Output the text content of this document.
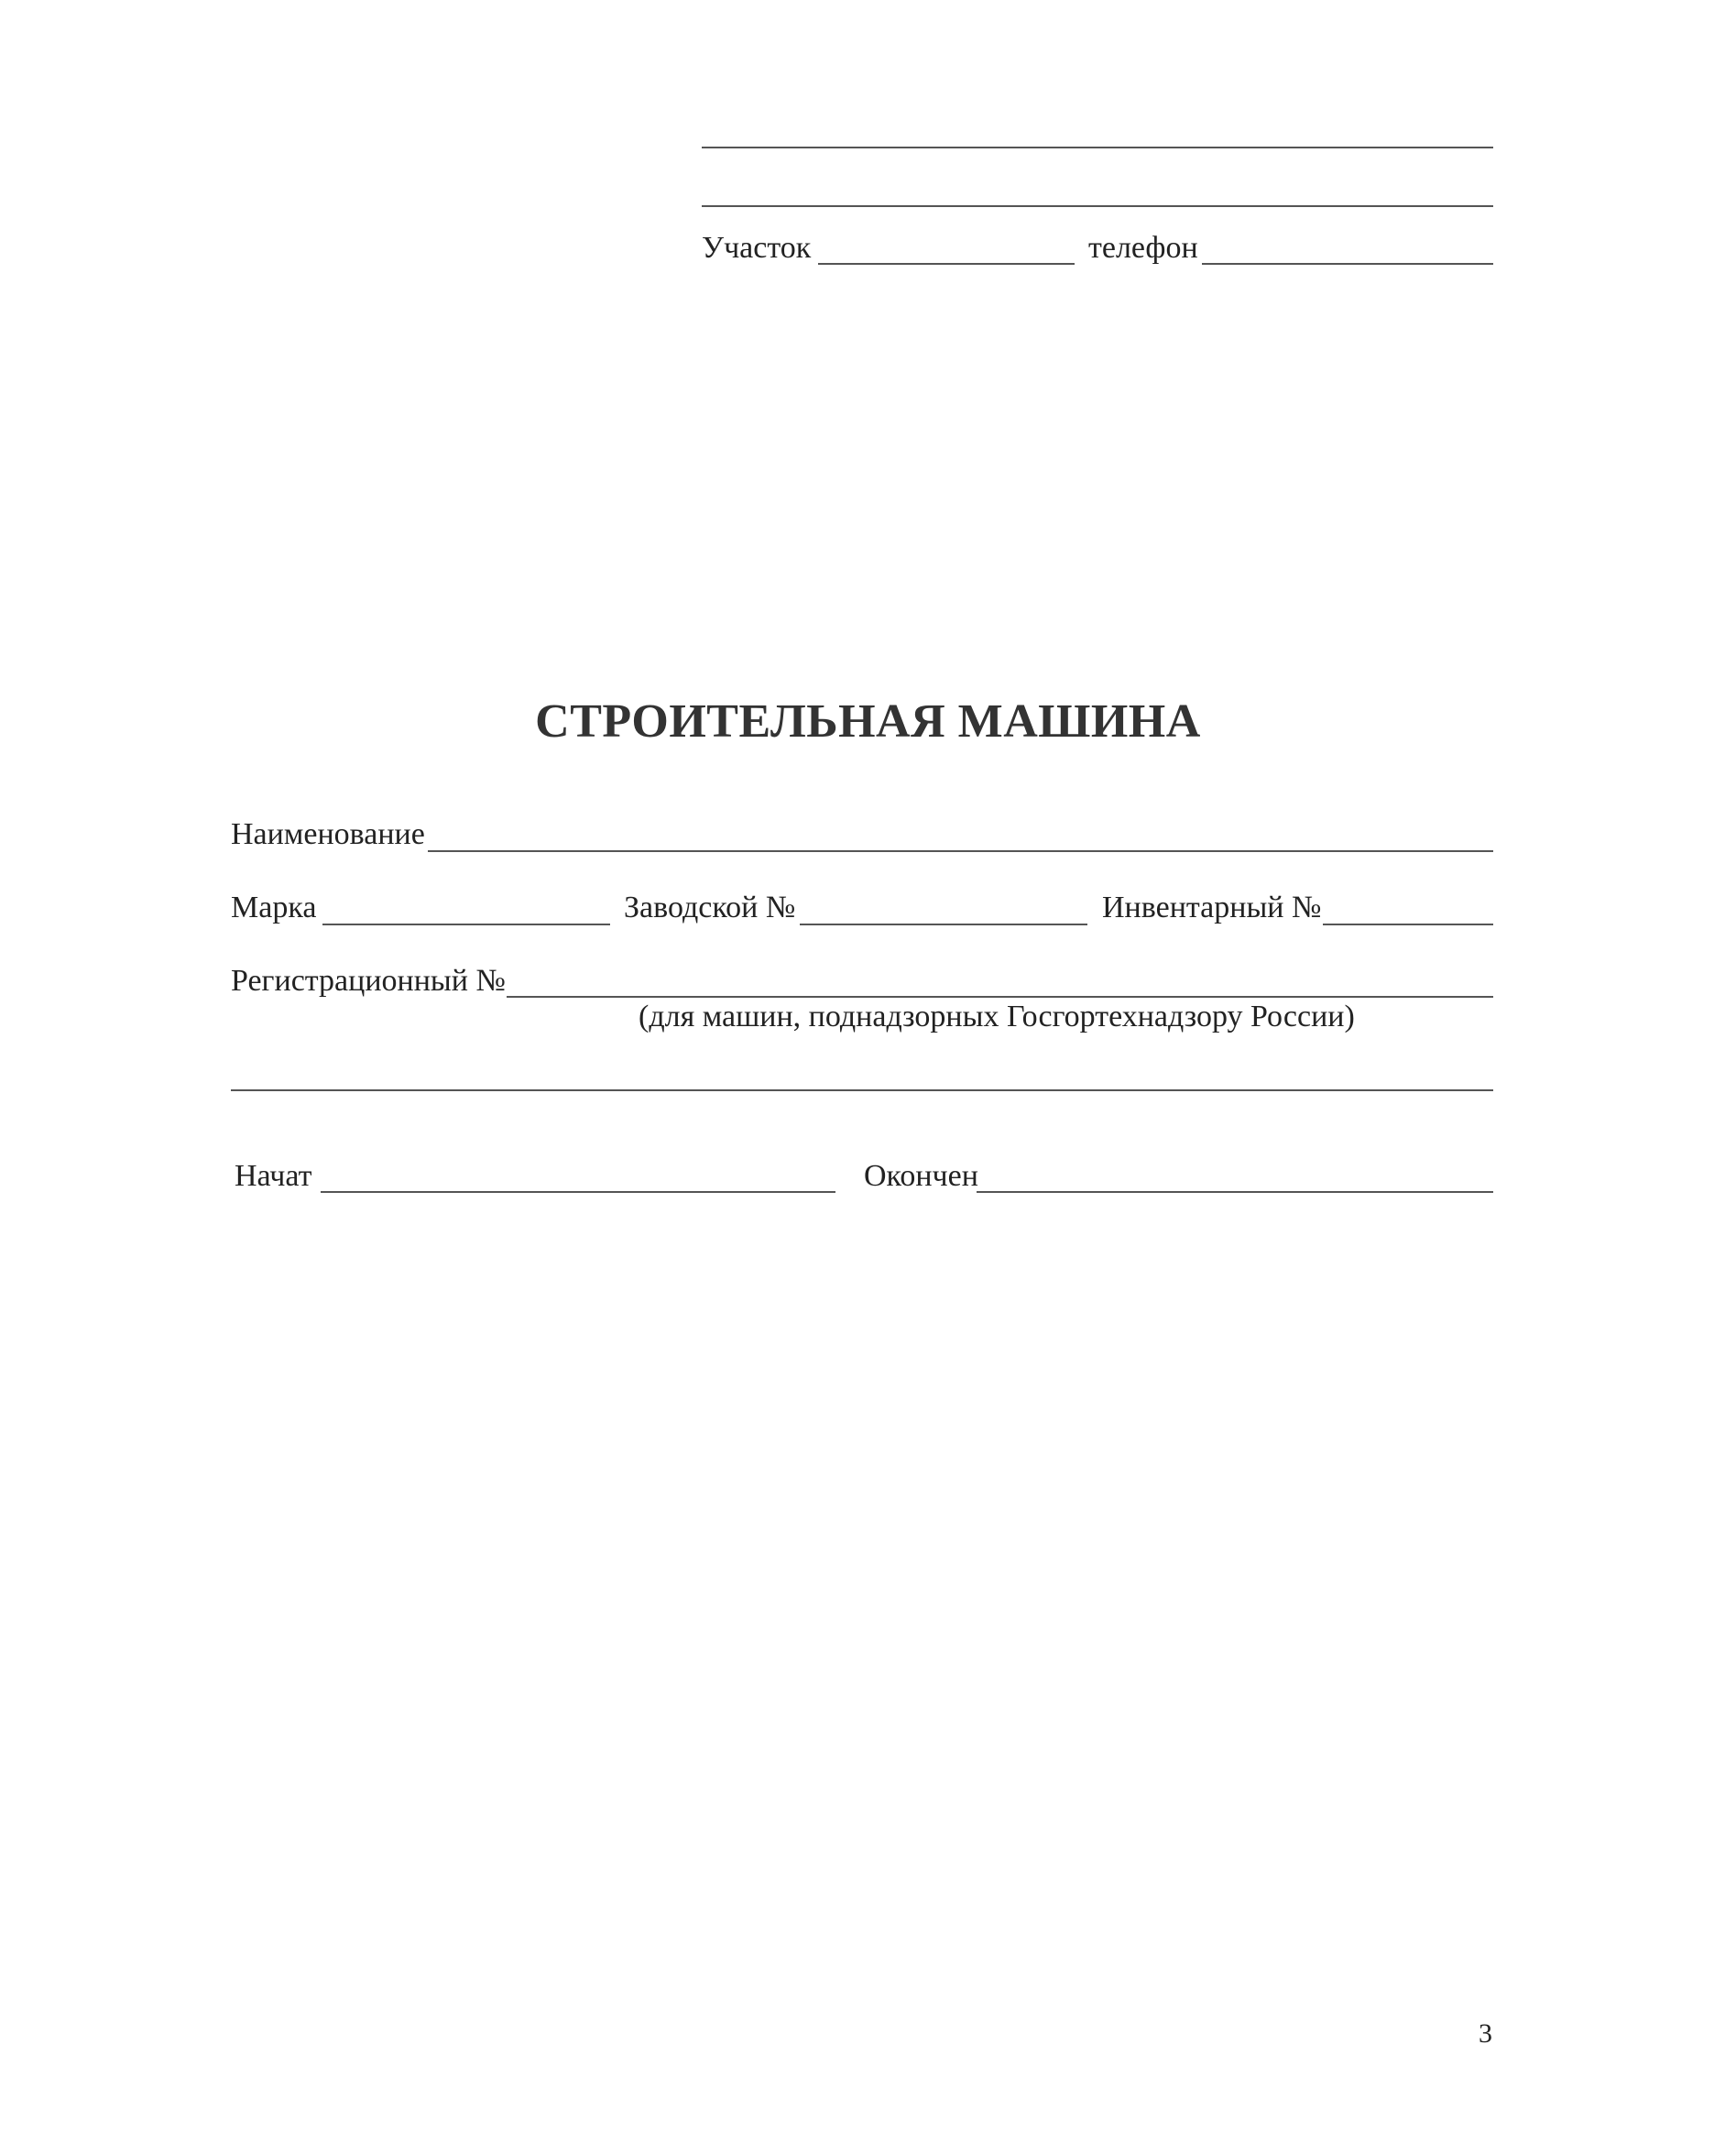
Участок	телефон
СТРОИТЕЛЬНАЯ МАШИНА
Наименование
Марка	Заводской №	Инвентарный №
Регистрационный №
(для машин, поднадзорных Госгортехнадзору России)
Начат	Окончен
3
